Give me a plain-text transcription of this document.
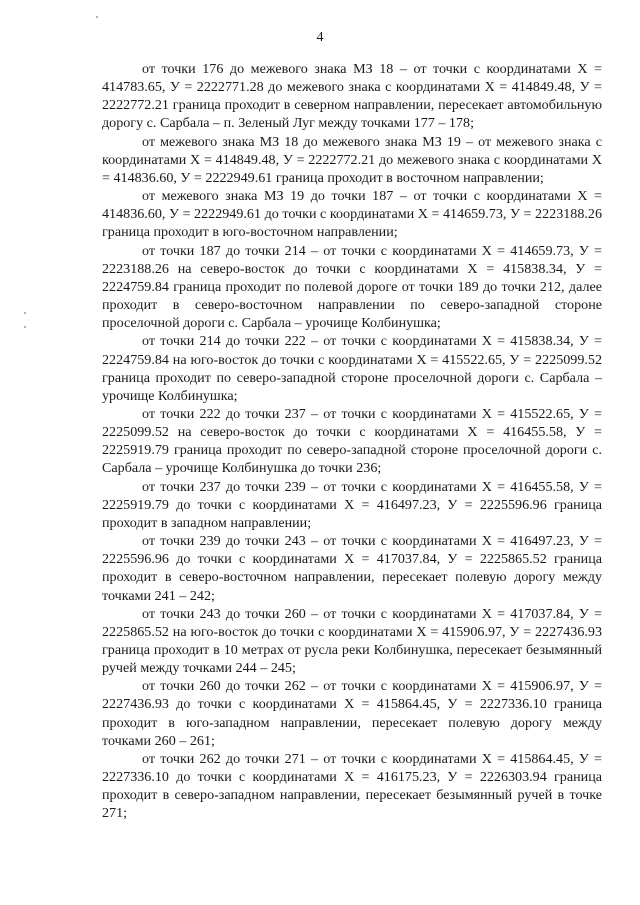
4

от точки 176 до межевого знака МЗ 18 – от точки с координатами Х = 414783.65, У = 2222771.28 до межевого знака с координатами Х = 414849.48, У = 2222772.21 граница проходит в северном направлении, пересекает автомобильную дорогу с. Сарбала – п. Зеленый Луг между точками 177 – 178;

от межевого знака МЗ 18 до межевого знака МЗ 19 – от межевого знака с координатами Х = 414849.48, У = 2222772.21 до межевого знака с координатами Х = 414836.60, У = 2222949.61 граница проходит в восточном направлении;

от межевого знака МЗ 19 до точки 187 – от точки с координатами Х = 414836.60, У = 2222949.61 до точки с координатами Х = 414659.73, У = 2223188.26 граница проходит в юго-восточном направлении;

от точки 187 до точки 214 – от точки с координатами Х = 414659.73, У = 2223188.26 на северо-восток до точки с координатами Х = 415838.34, У = 2224759.84 граница проходит по полевой дороге от точки 189 до точки 212, далее проходит в северо-восточном направлении по северо-западной стороне проселочной дороги с. Сарбала – урочище Колбинушка;

от точки 214 до точки 222 – от точки с координатами Х = 415838.34, У = 2224759.84 на юго-восток до точки с координатами Х = 415522.65, У = 2225099.52 граница проходит по северо-западной стороне проселочной дороги с. Сарбала – урочище Колбинушка;

от точки 222 до точки 237 – от точки с координатами Х = 415522.65, У = 2225099.52 на северо-восток до точки с координатами Х = 416455.58, У = 2225919.79 граница проходит по северо-западной стороне проселочной дороги с. Сарбала – урочище Колбинушка до точки 236;

от точки 237 до точки 239 – от точки с координатами Х = 416455.58, У = 2225919.79 до точки с координатами Х = 416497.23, У = 2225596.96 граница проходит в западном направлении;

от точки 239 до точки 243 – от точки с координатами Х = 416497.23, У = 2225596.96 до точки с координатами Х = 417037.84, У = 2225865.52 граница проходит в северо-восточном направлении, пересекает полевую дорогу между точками 241 – 242;

от точки 243 до точки 260 – от точки с координатами Х = 417037.84, У = 2225865.52 на юго-восток до точки с координатами Х = 415906.97, У = 2227436.93 граница проходит в 10 метрах от русла реки Колбинушка, пересекает безымянный ручей между точками 244 – 245;

от точки 260 до точки 262 – от точки с координатами Х = 415906.97, У = 2227436.93 до точки с координатами Х = 415864.45, У = 2227336.10 граница проходит в юго-западном направлении, пересекает полевую дорогу между точками 260 – 261;

от точки 262 до точки 271 – от точки с координатами Х = 415864.45, У = 2227336.10 до точки с координатами Х = 416175.23, У = 2226303.94 граница проходит в северо-западном направлении, пересекает безымянный ручей в точке 271;
